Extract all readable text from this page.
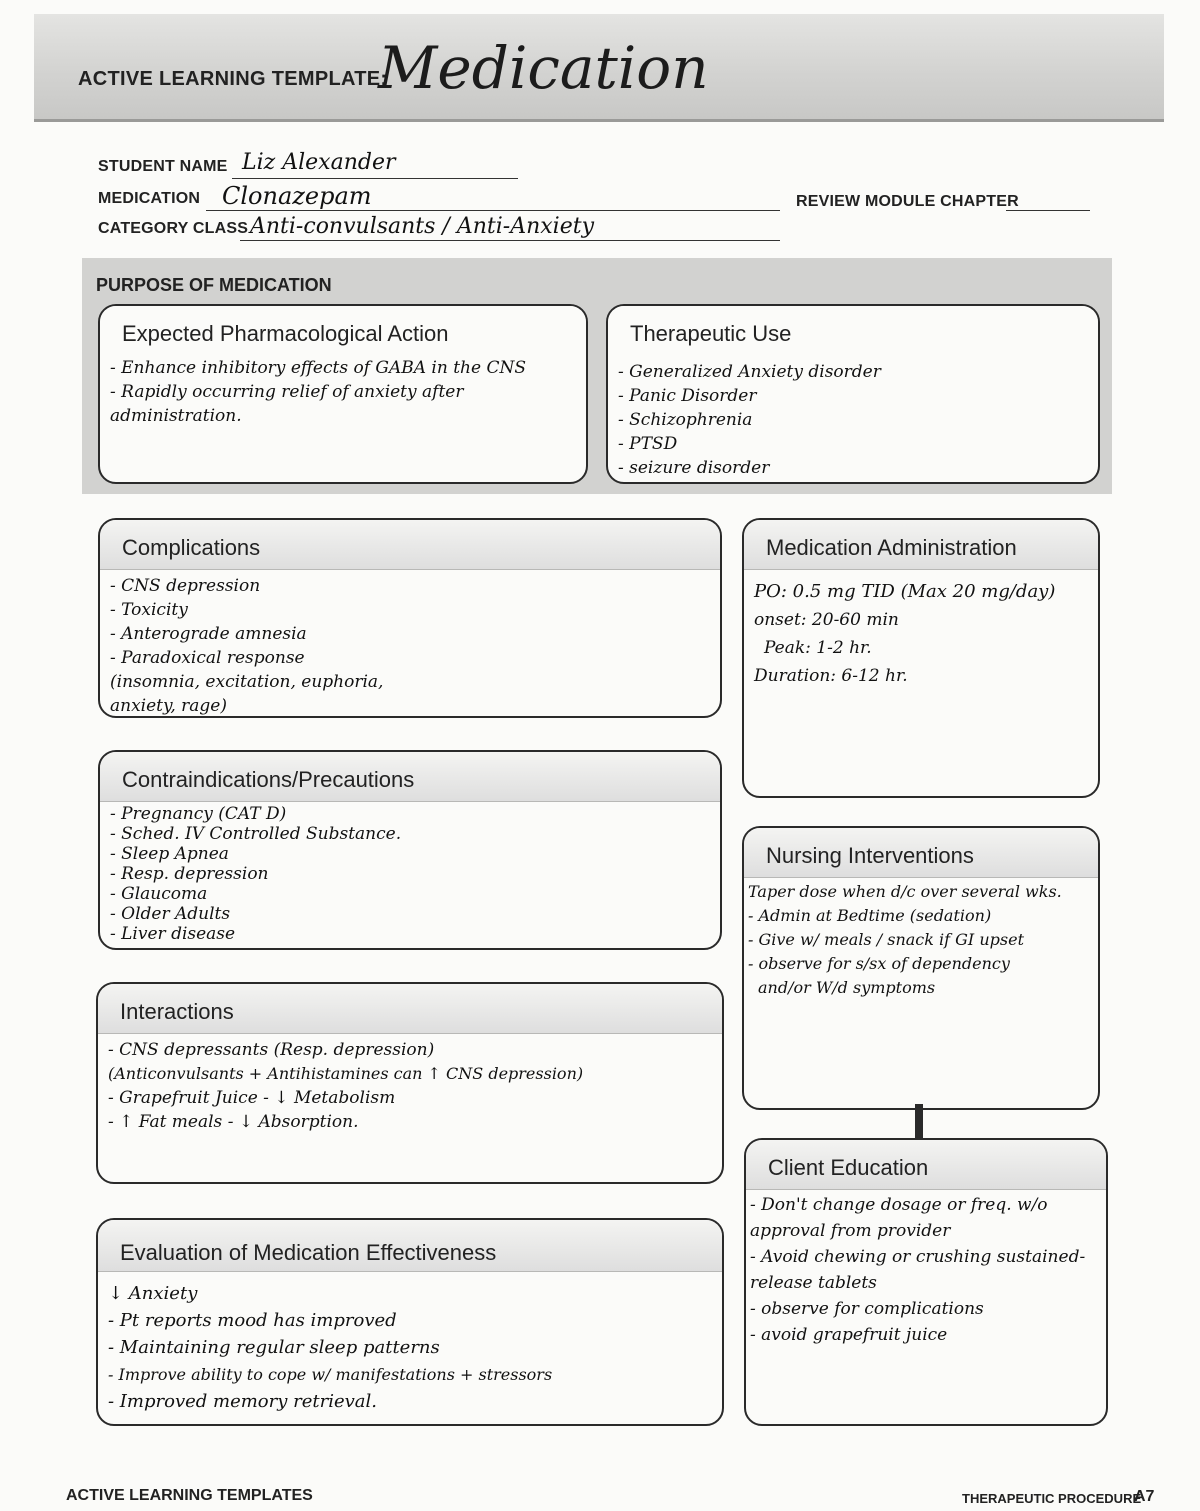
ACTIVE LEARNING TEMPLATE:
Medication
STUDENT NAME Liz Alexander
MEDICATION Clonazepam	REVIEW MODULE CHAPTER
CATEGORY CLASS Anti-convulsants / Anti-Anxiety
PURPOSE OF MEDICATION
Expected Pharmacological Action
- Enhance inhibitory effects of GABA in the CNS
- Rapidly occurring relief of anxiety after
administration.
Therapeutic Use
- Generalized Anxiety disorder
- Panic Disorder
- Schizophrenia
- PTSD
- seizure disorder
Complications
- CNS depression
- Toxicity
- Anterograde amnesia
- Paradoxical response
(insomnia, excitation, euphoria,
anxiety, rage)
Medication Administration
PO: 0.5 mg TID (Max 20 mg/day)
onset: 20-60 min
Peak: 1-2 hr.
Duration: 6-12 hr.
Contraindications/Precautions
- Pregnancy (CAT D)
- Sched. IV Controlled Substance.
- Sleep Apnea
- Resp. depression
- Glaucoma
- Older Adults
- Liver disease
Nursing Interventions
Taper dose when d/c over several wks.
- Admin at Bedtime (sedation)
- Give w/ meals / snack if GI upset
- observe for s/sx of dependency
and/or W/d symptoms
Interactions
- CNS depressants (Resp. depression)
(Anticonvulsants + Antihistamines can ↑ CNS depression)
- Grapefruit Juice - ↓ Metabolism
- ↑ Fat meals - ↓ Absorption.
Client Education
- Don't change dosage or freq. w/o
approval from provider
- Avoid chewing or crushing sustained-
release tablets
- observe for complications
- avoid grapefruit juice
Evaluation of Medication Effectiveness
↓ Anxiety
- Pt reports mood has improved
- Maintaining regular sleep patterns
- Improve ability to cope w/ manifestations + stressors
- Improved memory retrieval.
ACTIVE LEARNING TEMPLATES	THERAPEUTIC PROCEDURE
A7
